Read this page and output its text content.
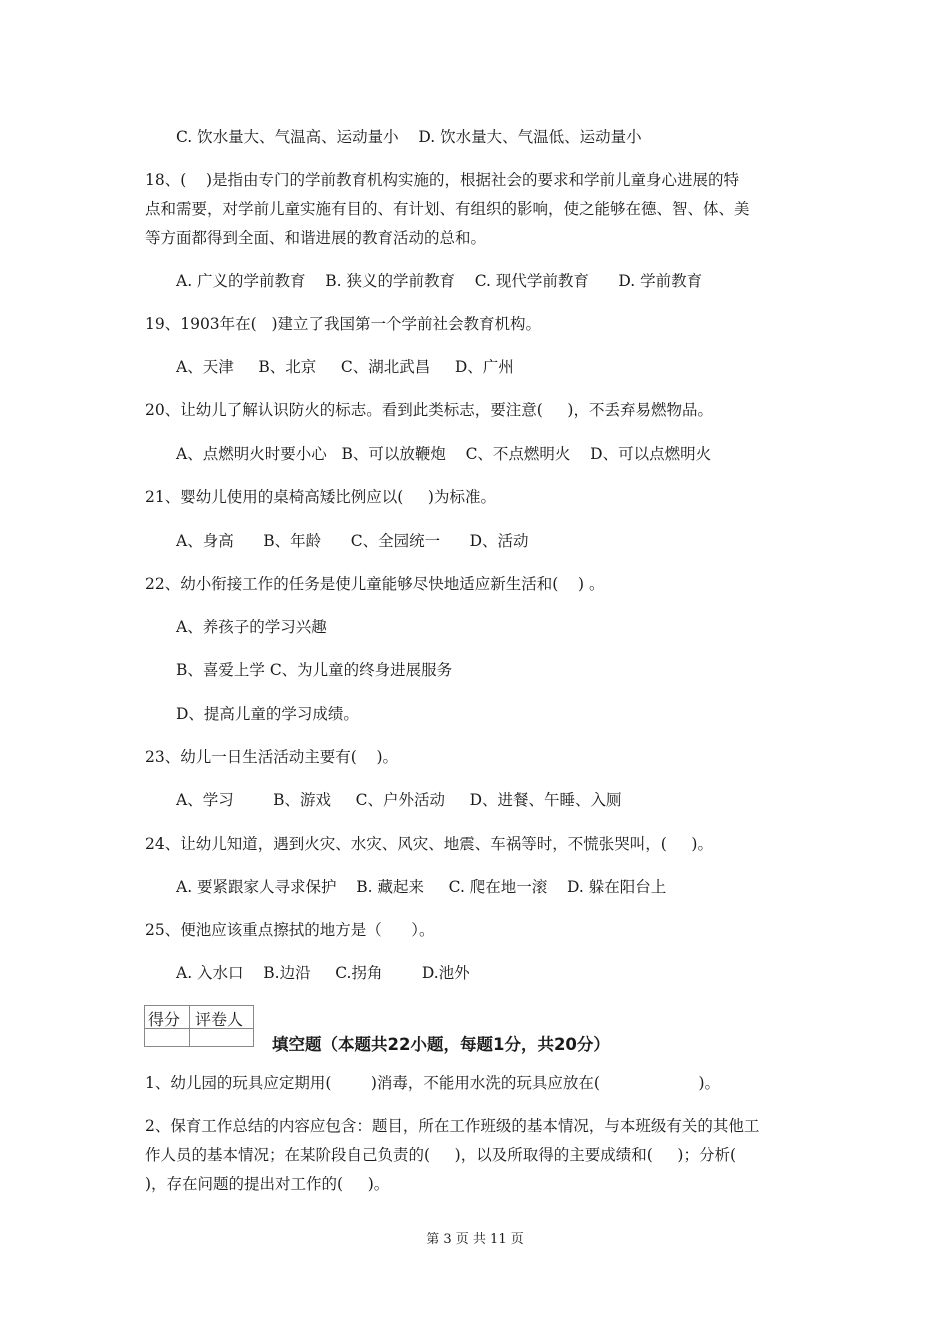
C. 饮水量大、气温高、运动量小    D. 饮水量大、气温低、运动量小
18、(    )是指由专门的学前教育机构实施的，根据社会的要求和学前儿童身心进展的特
点和需要，对学前儿童实施有目的、有计划、有组织的影响，使之能够在德、智、体、美
等方面都得到全面、和谐进展的教育活动的总和。
A. 广义的学前教育    B. 狭义的学前教育    C. 现代学前教育      D. 学前教育
19、1903年在(   )建立了我国第一个学前社会教育机构。
A、天津     B、北京     C、湖北武昌     D、广州
20、让幼儿了解认识防火的标志。看到此类标志，要注意(     )，不丢弃易燃物品。
A、点燃明火时要小心   B、可以放鞭炮    C、不点燃明火    D、可以点燃明火
21、婴幼儿使用的桌椅高矮比例应以(     )为标准。
A、身高      B、年龄      C、全园统一      D、活动
22、幼小衔接工作的任务是使儿童能够尽快地适应新生活和(    ) 。
A、养孩子的学习兴趣
B、喜爱上学 C、为儿童的终身进展服务
D、提高儿童的学习成绩。
23、幼儿一日生活活动主要有(    )。
A、学习        B、游戏     C、户外活动     D、进餐、午睡、入厕
24、让幼儿知道，遇到火灾、水灾、风灾、地震、车祸等时，不慌张哭叫，(     )。
A. 要紧跟家人寻求保护    B. 藏起来     C. 爬在地一滚    D. 躲在阳台上
25、便池应该重点擦拭的地方是（      ）。
A. 入水口    B.边沿     C.拐角        D.池外
得分 评卷人
填空题（本题共22小题，每题1分，共20分）
1、幼儿园的玩具应定期用(        )消毒，不能用水洗的玩具应放在(                    )。
2、保育工作总结的内容应包含：题目，所在工作班级的基本情况，与本班级有关的其他工
作人员的基本情况；在某阶段自己负责的(     )，以及所取得的主要成绩和(     )；分析(
)，存在问题的提出对工作的(     )。
第 3 页 共 11 页
